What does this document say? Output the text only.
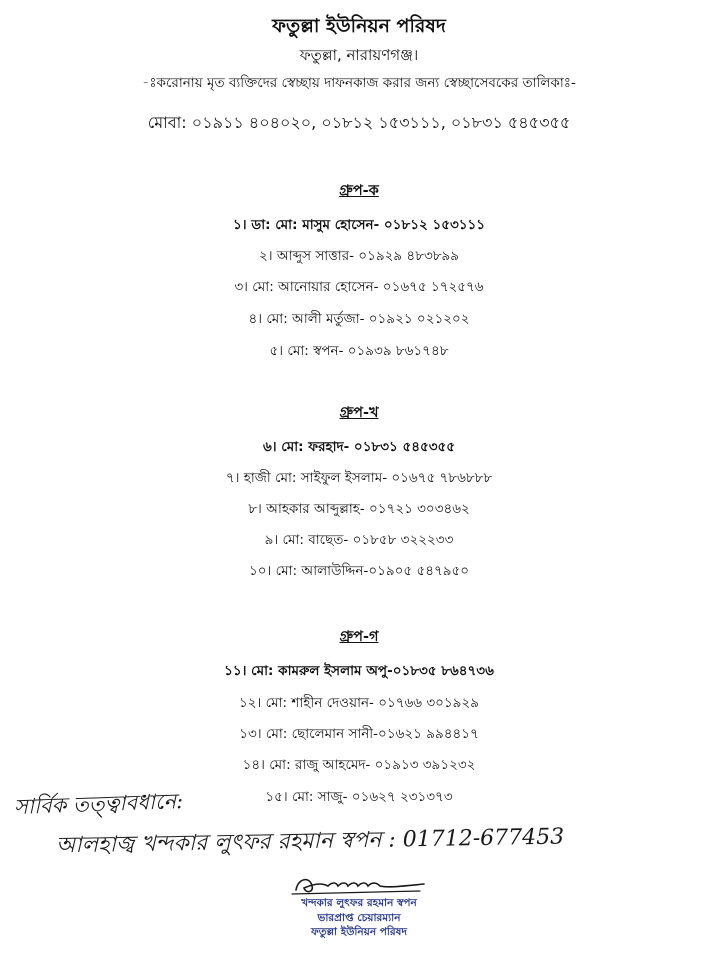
ফতুল্লা ইউনিয়ন পরিষদ
ফতুল্লা, নারায়ণগঞ্জ।
-ঃকরোনায় মৃত ব্যক্তিদের স্বেচ্ছায় দাফনকাজ করার জন্য স্বেচ্ছাসেবকের তালিকাঃ-
মোবা: ০১৯১১ ৪০৪০২০, ০১৮১২ ১৫৩১১১, ০১৮৩১ ৫৪৫৩৫৫
গ্রুপ-ক
১। ডা: মো: মাসুম হোসেন- ০১৮১২ ১৫৩১১১
২। আব্দুস সাত্তার- ০১৯২৯ ৪৮৩৮৯৯
৩। মো: আনোয়ার হোসেন- ০১৬৭৫ ১৭২৫৭৬
৪। মো: আলী মর্তুজা- ০১৯২১ ০২১২০২
৫। মো: স্বপন- ০১৯৩৯ ৮৬১৭৪৮
গ্রুপ-খ
৬। মো: ফরহাদ- ০১৮৩১ ৫৪৫৩৫৫
৭। হাজী মো: সাইফুল ইসলাম- ০১৬৭৫ ৭৮৬৮৮৮
৮। আহকার আব্দুল্লাহ- ০১৭২১ ৩০৩৪৬২
৯। মো: বাছেত- ০১৮৫৮ ৩২২২৩৩
১০। মো: আলাউদ্দিন-০১৯০৫ ৫৪৭৯৫০
গ্রুপ-গ
১১। মো: কামরুল ইসলাম অপু-০১৮৩৫ ৮৬৪৭৩৬
১২। মো: শাহীন দেওয়ান- ০১৭৬৬ ৩০১৯২৯
১৩। মো: ছোলেমান সানী-০১৬২১ ৯৯৪৪১৭
১৪। মো: রাজু আহমেদ- ০১৯১৩ ৩৯১২৩২
১৫। মো: সাজু- ০১৬২৭ ২৩১৩৭৩
সার্বিক তত্ত্বাবধানে:
আলহাজ্ব খন্দকার লুৎফর রহমান স্বপন : 01712-677453
খন্দকার লুৎফর রহমান স্বপন
ভারপ্রাপ্ত চেয়ারম্যান
ফতুল্লা ইউনিয়ন পরিষদ
